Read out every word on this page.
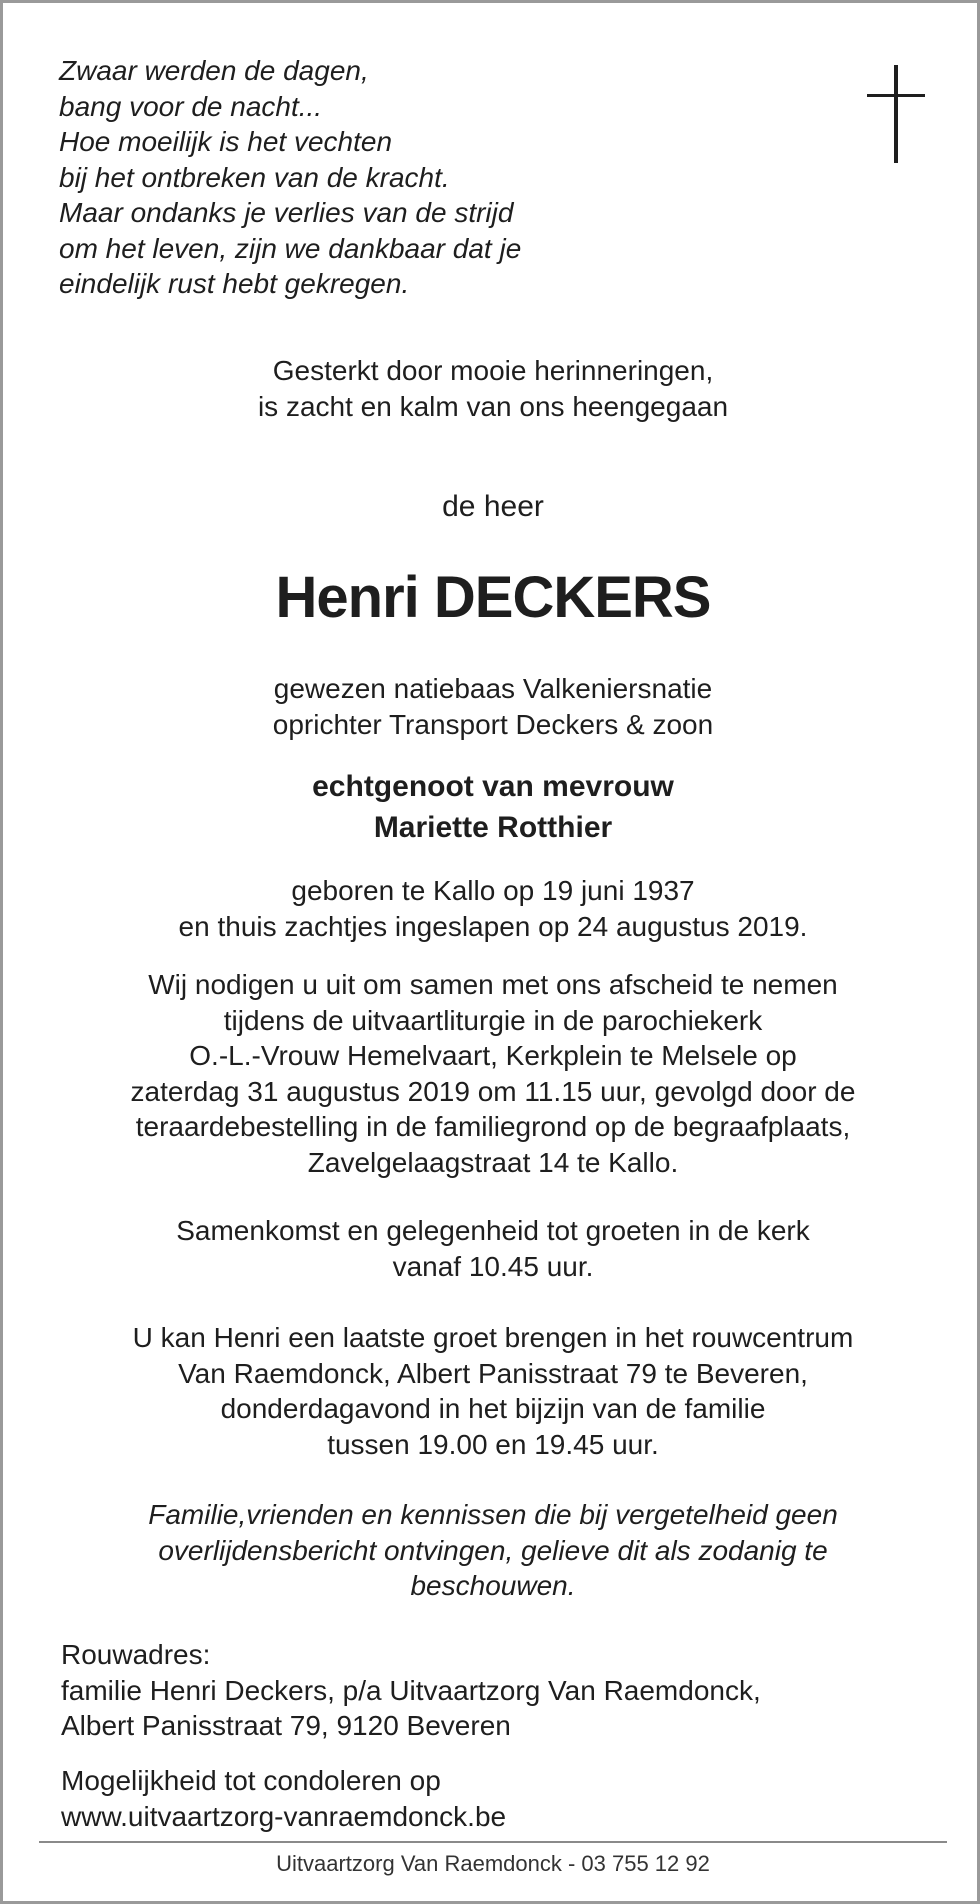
Zwaar werden de dagen,
bang voor de nacht...
Hoe moeilijk is het vechten
bij het ontbreken van de kracht.
Maar ondanks je verlies van de strijd
om het leven, zijn we dankbaar dat je
eindelijk rust hebt gekregen.
Gesterkt door mooie herinneringen,
is zacht en kalm van ons heengegaan
de heer
Henri DECKERS
gewezen natiebaas Valkeniersnatie
oprichter Transport Deckers & zoon
echtgenoot van mevrouw
Mariette Rotthier
geboren te Kallo op 19 juni 1937
en thuis zachtjes ingeslapen op 24 augustus 2019.
Wij nodigen u uit om samen met ons afscheid te nemen
tijdens de uitvaartliturgie in de parochiekerk
O.-L.-Vrouw Hemelvaart, Kerkplein te Melsele op
zaterdag 31 augustus 2019 om 11.15 uur, gevolgd door de
teraardebestelling in de familiegrond op de begraafplaats,
Zavelgelaagstraat 14 te Kallo.
Samenkomst en gelegenheid tot groeten in de kerk
vanaf 10.45 uur.
U kan Henri een laatste groet brengen in het rouwcentrum
Van Raemdonck, Albert Panisstraat 79 te Beveren,
donderdagavond in het bijzijn van de familie
tussen 19.00 en 19.45 uur.
Familie,vrienden en kennissen die bij vergetelheid geen
overlijdensbericht ontvingen, gelieve dit als zodanig te
beschouwen.
Rouwadres:
familie Henri Deckers, p/a Uitvaartzorg Van Raemdonck,
Albert Panisstraat 79, 9120 Beveren
Mogelijkheid tot condoleren op
www.uitvaartzorg-vanraemdonck.be
Uitvaartzorg Van Raemdonck - 03 755 12 92
